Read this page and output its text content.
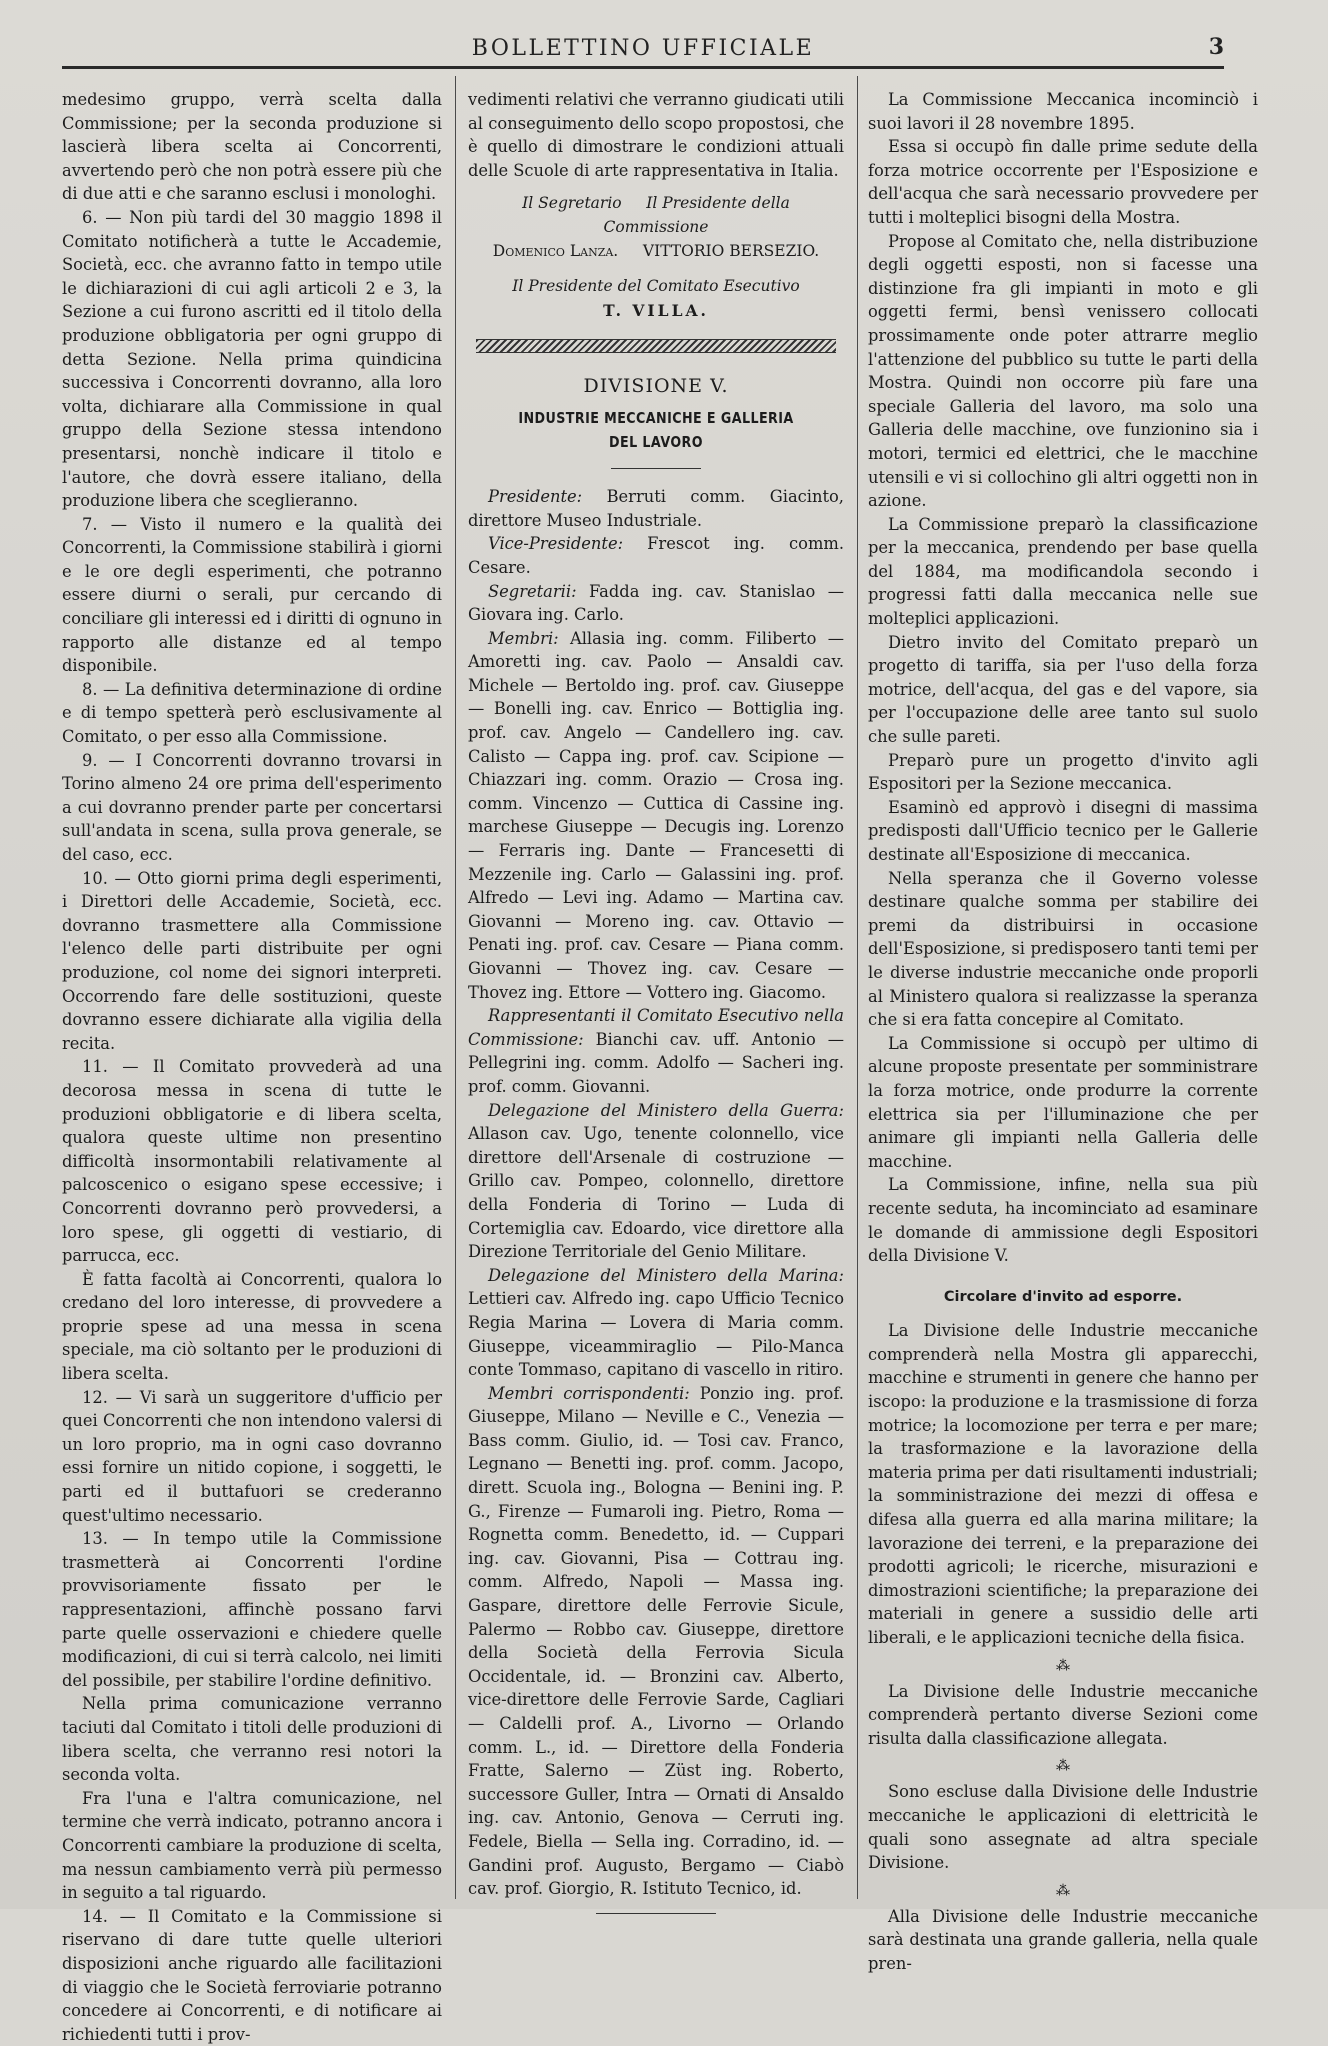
BOLLETTINO UFFICIALE	3

medesimo gruppo, verrà scelta dalla Commissione; per la seconda produzione si lascierà libera scelta ai Concorrenti, avvertendo però che non potrà essere più che di due atti e che saranno esclusi i monologhi.

6. — Non più tardi del 30 maggio 1898 il Comitato notificherà a tutte le Accademie, Società, ecc. che avranno fatto in tempo utile le dichiarazioni di cui agli articoli 2 e 3, la Sezione a cui furono ascritti ed il titolo della produzione obbligatoria per ogni gruppo di detta Sezione. Nella prima quindicina successiva i Concorrenti dovranno, alla loro volta, dichiarare alla Commissione in qual gruppo della Sezione stessa intendono presentarsi, nonchè indicare il titolo e l'autore, che dovrà essere italiano, della produzione libera che sceglieranno.

7. — Visto il numero e la qualità dei Concorrenti, la Commissione stabilirà i giorni e le ore degli esperimenti, che potranno essere diurni o serali, pur cercando di conciliare gli interessi ed i diritti di ognuno in rapporto alle distanze ed al tempo disponibile.

8. — La definitiva determinazione di ordine e di tempo spetterà però esclusivamente al Comitato, o per esso alla Commissione.

9. — I Concorrenti dovranno trovarsi in Torino almeno 24 ore prima dell'esperimento a cui dovranno prender parte per concertarsi sull'andata in scena, sulla prova generale, se del caso, ecc.

10. — Otto giorni prima degli esperimenti, i Direttori delle Accademie, Società, ecc. dovranno trasmettere alla Commissione l'elenco delle parti distribuite per ogni produzione, col nome dei signori interpreti. Occorrendo fare delle sostituzioni, queste dovranno essere dichiarate alla vigilia della recita.

11. — Il Comitato provvederà ad una decorosa messa in scena di tutte le produzioni obbligatorie e di libera scelta, qualora queste ultime non presentino difficoltà insormontabili relativamente al palcoscenico o esigano spese eccessive; i Concorrenti dovranno però provvedersi, a loro spese, gli oggetti di vestiario, di parrucca, ecc.

È fatta facoltà ai Concorrenti, qualora lo credano del loro interesse, di provvedere a proprie spese ad una messa in scena speciale, ma ciò soltanto per le produzioni di libera scelta.

12. — Vi sarà un suggeritore d'ufficio per quei Concorrenti che non intendono valersi di un loro proprio, ma in ogni caso dovranno essi fornire un nitido copione, i soggetti, le parti ed il buttafuori se crederanno quest'ultimo necessario.

13. — In tempo utile la Commissione trasmetterà ai Concorrenti l'ordine provvisoriamente fissato per le rappresentazioni, affinchè possano farvi parte quelle osservazioni e chiedere quelle modificazioni, di cui si terrà calcolo, nei limiti del possibile, per stabilire l'ordine definitivo.

Nella prima comunicazione verranno taciuti dal Comitato i titoli delle produzioni di libera scelta, che verranno resi notori la seconda volta.

Fra l'una e l'altra comunicazione, nel termine che verrà indicato, potranno ancora i Concorrenti cambiare la produzione di scelta, ma nessun cambiamento verrà più permesso in seguito a tal riguardo.

14. — Il Comitato e la Commissione si riservano di dare tutte quelle ulteriori disposizioni anche riguardo alle facilitazioni di viaggio che le Società ferroviarie potranno concedere ai Concorrenti, e di notificare ai richiedenti tutti i prov-

vedimenti relativi che verranno giudicati utili al conseguimento dello scopo propostosi, che è quello di dimostrare le condizioni attuali delle Scuole di arte rappresentativa in Italia.

Il Segretario Il Presidente della Commissione

Domenico Lanza. VITTORIO BERSEZIO.

Il Presidente del Comitato Esecutivo

T. VILLA.

DIVISIONE V.
INDUSTRIE MECCANICHE E GALLERIA DEL LAVORO

Presidente: Berruti comm. Giacinto, direttore Museo Industriale.

Vice-Presidente: Frescot ing. comm. Cesare.

Segretarii: Fadda ing. cav. Stanislao — Giovara ing. Carlo.

Membri: Allasia ing. comm. Filiberto — Amoretti ing. cav. Paolo — Ansaldi cav. Michele — Bertoldo ing. prof. cav. Giuseppe — Bonelli ing. cav. Enrico — Bottiglia ing. prof. cav. Angelo — Candellero ing. cav. Calisto — Cappa ing. prof. cav. Scipione — Chiazzari ing. comm. Orazio — Crosa ing. comm. Vincenzo — Cuttica di Cassine ing. marchese Giuseppe — Decugis ing. Lorenzo — Ferraris ing. Dante — Francesetti di Mezzenile ing. Carlo — Galassini ing. prof. Alfredo — Levi ing. Adamo — Martina cav. Giovanni — Moreno ing. cav. Ottavio — Penati ing. prof. cav. Cesare — Piana comm. Giovanni — Thovez ing. cav. Cesare — Thovez ing. Ettore — Vottero ing. Giacomo.

Rappresentanti il Comitato Esecutivo nella Commissione: Bianchi cav. uff. Antonio — Pellegrini ing. comm. Adolfo — Sacheri ing. prof. comm. Giovanni.

Delegazione del Ministero della Guerra: Allason cav. Ugo, tenente colonnello, vice direttore dell'Arsenale di costruzione — Grillo cav. Pompeo, colonnello, direttore della Fonderia di Torino — Luda di Cortemiglia cav. Edoardo, vice direttore alla Direzione Territoriale del Genio Militare.

Delegazione del Ministero della Marina: Lettieri cav. Alfredo ing. capo Ufficio Tecnico Regia Marina — Lovera di Maria comm. Giuseppe, viceammiraglio — Pilo-Manca conte Tommaso, capitano di vascello in ritiro.

Membri corrispondenti: Ponzio ing. prof. Giuseppe, Milano — Neville e C., Venezia — Bass comm. Giulio, id. — Tosi cav. Franco, Legnano — Benetti ing. prof. comm. Jacopo, dirett. Scuola ing., Bologna — Benini ing. P. G., Firenze — Fumaroli ing. Pietro, Roma — Rognetta comm. Benedetto, id. — Cuppari ing. cav. Giovanni, Pisa — Cottrau ing. comm. Alfredo, Napoli — Massa ing. Gaspare, direttore delle Ferrovie Sicule, Palermo — Robbo cav. Giuseppe, direttore della Società della Ferrovia Sicula Occidentale, id. — Bronzini cav. Alberto, vice-direttore delle Ferrovie Sarde, Cagliari — Caldelli prof. A., Livorno — Orlando comm. L., id. — Direttore della Fonderia Fratte, Salerno — Züst ing. Roberto, successore Guller, Intra — Ornati di Ansaldo ing. cav. Antonio, Genova — Cerruti ing. Fedele, Biella — Sella ing. Corradino, id. — Gandini prof. Augusto, Bergamo — Ciabò cav. prof. Giorgio, R. Istituto Tecnico, id.

La Commissione Meccanica incominciò i suoi lavori il 28 novembre 1895.

Essa si occupò fin dalle prime sedute della forza motrice occorrente per l'Esposizione e dell'acqua che sarà necessario provvedere per tutti i molteplici bisogni della Mostra.

Propose al Comitato che, nella distribuzione degli oggetti esposti, non si facesse una distinzione fra gli impianti in moto e gli oggetti fermi, bensì venissero collocati prossimamente onde poter attrarre meglio l'attenzione del pubblico su tutte le parti della Mostra. Quindi non occorre più fare una speciale Galleria del lavoro, ma solo una Galleria delle macchine, ove funzionino sia i motori, termici ed elettrici, che le macchine utensili e vi si collochino gli altri oggetti non in azione.

La Commissione preparò la classificazione per la meccanica, prendendo per base quella del 1884, ma modificandola secondo i progressi fatti dalla meccanica nelle sue molteplici applicazioni.

Dietro invito del Comitato preparò un progetto di tariffa, sia per l'uso della forza motrice, dell'acqua, del gas e del vapore, sia per l'occupazione delle aree tanto sul suolo che sulle pareti.

Preparò pure un progetto d'invito agli Espositori per la Sezione meccanica.

Esaminò ed approvò i disegni di massima predisposti dall'Ufficio tecnico per le Gallerie destinate all'Esposizione di meccanica.

Nella speranza che il Governo volesse destinare qualche somma per stabilire dei premi da distribuirsi in occasione dell'Esposizione, si predisposero tanti temi per le diverse industrie meccaniche onde proporli al Ministero qualora si realizzasse la speranza che si era fatta concepire al Comitato.

La Commissione si occupò per ultimo di alcune proposte presentate per somministrare la forza motrice, onde produrre la corrente elettrica sia per l'illuminazione che per animare gli impianti nella Galleria delle macchine.

La Commissione, infine, nella sua più recente seduta, ha incominciato ad esaminare le domande di ammissione degli Espositori della Divisione V.

Circolare d'invito ad esporre.

La Divisione delle Industrie meccaniche comprenderà nella Mostra gli apparecchi, macchine e strumenti in genere che hanno per iscopo: la produzione e la trasmissione di forza motrice; la locomozione per terra e per mare; la trasformazione e la lavorazione della materia prima per dati risultamenti industriali; la somministrazione dei mezzi di offesa e difesa alla guerra ed alla marina militare; la lavorazione dei terreni, e la preparazione dei prodotti agricoli; le ricerche, misurazioni e dimostrazioni scientifiche; la preparazione dei materiali in genere a sussidio delle arti liberali, e le applicazioni tecniche della fisica.

⁂

La Divisione delle Industrie meccaniche comprenderà pertanto diverse Sezioni come risulta dalla classificazione allegata.

⁂

Sono escluse dalla Divisione delle Industrie meccaniche le applicazioni di elettricità le quali sono assegnate ad altra speciale Divisione.

⁂

Alla Divisione delle Industrie meccaniche sarà destinata una grande galleria, nella quale pren-
